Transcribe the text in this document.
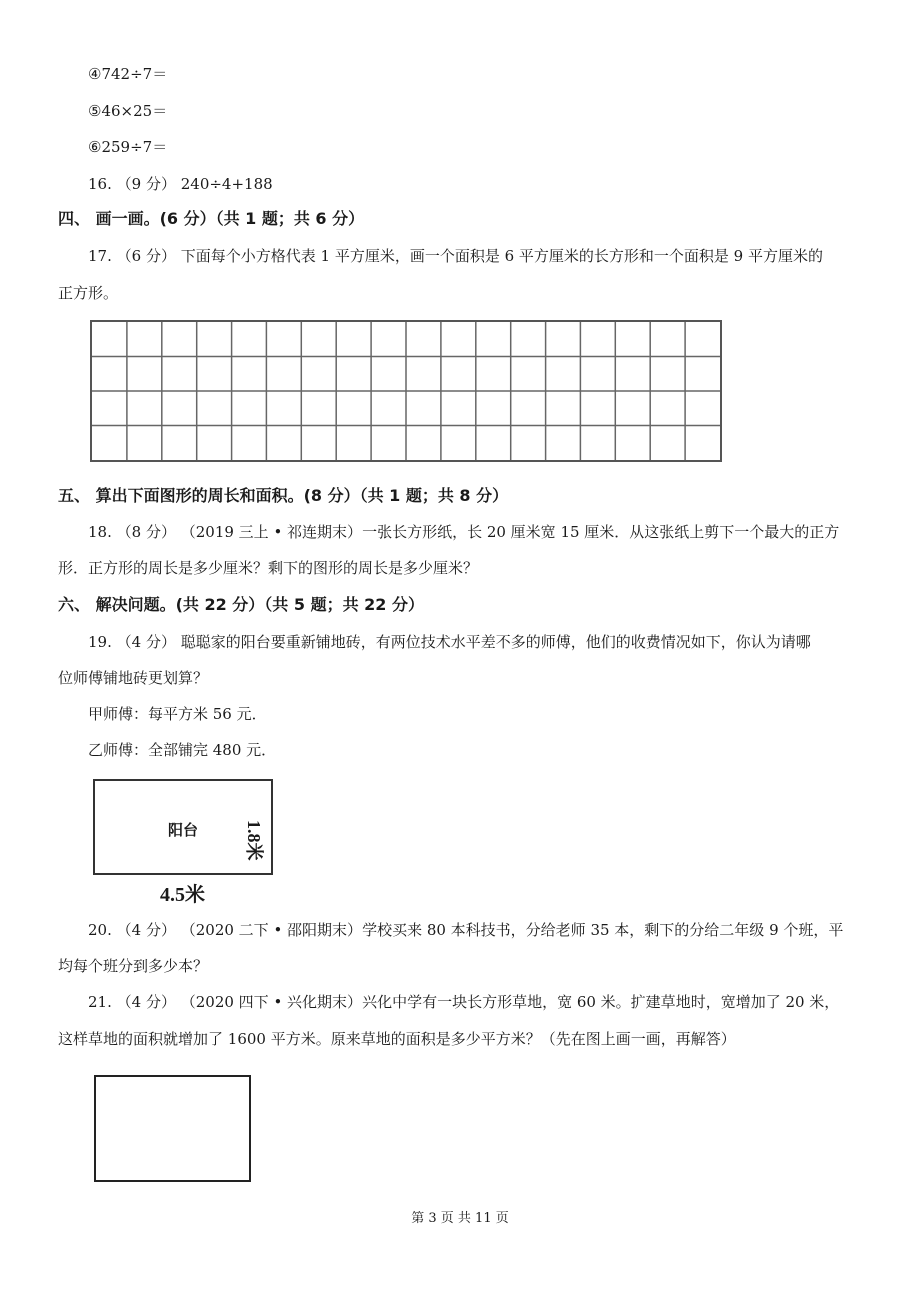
④742÷7＝
⑤46×25＝
⑥259÷7＝
16. （9 分） 240÷4+188
四、 画一画。(6 分）（共 1 题；共 6 分）
17. （6 分） 下面每个小方格代表 1 平方厘米，画一个面积是 6 平方厘米的长方形和一个面积是 9 平方厘米的
正方形。
五、 算出下面图形的周长和面积。(8 分）（共 1 题；共 8 分）
18. （8 分） （2019 三上 • 祁连期末）一张长方形纸，长 20 厘米宽 15 厘米．从这张纸上剪下一个最大的正方
形．正方形的周长是多少厘米？剩下的图形的周长是多少厘米？
六、 解决问题。(共 22 分）（共 5 题；共 22 分）
19. （4 分） 聪聪家的阳台要重新铺地砖，有两位技术水平差不多的师傅，他们的收费情况如下，你认为请哪
位师傅铺地砖更划算？
甲师傅：每平方米 56 元．
乙师傅：全部铺完 480 元．
阳台	1.8米
4.5米
20. （4 分） （2020 二下 • 邵阳期末）学校买来 80 本科技书，分给老师 35 本，剩下的分给二年级 9 个班，平
均每个班分到多少本？
21. （4 分） （2020 四下 • 兴化期末）兴化中学有一块长方形草地，宽 60 米。扩建草地时，宽增加了 20 米，
这样草地的面积就增加了 1600 平方米。原来草地的面积是多少平方米？（先在图上画一画，再解答）
第 3 页 共 11 页
